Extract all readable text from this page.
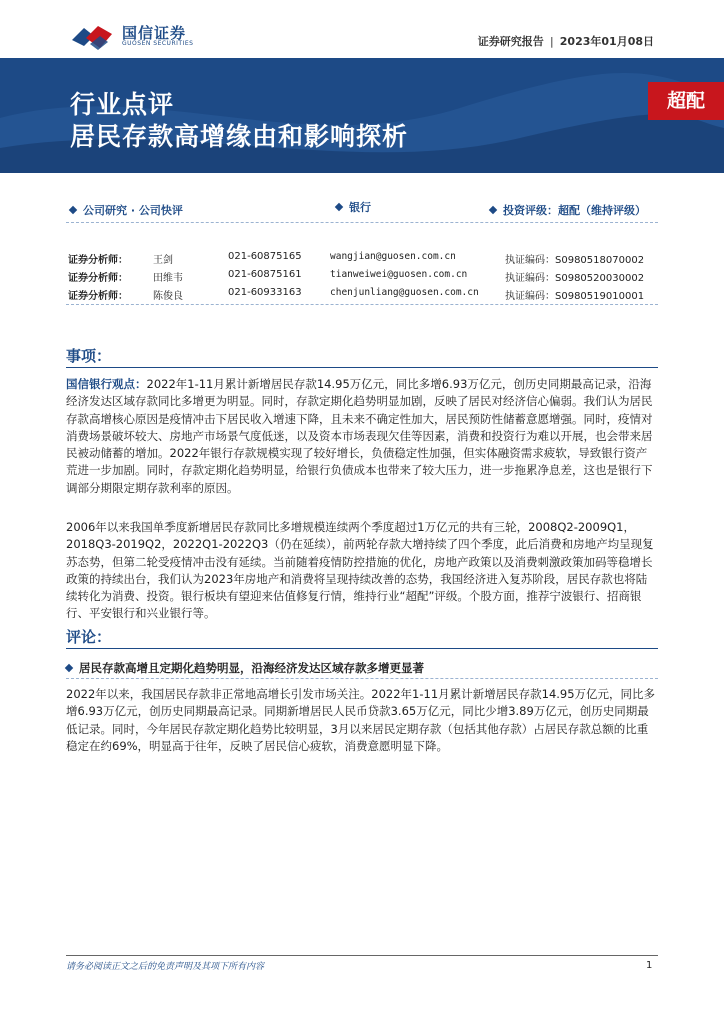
国信证券
GUOSEN SECURITIES	证券研究报告 | 2023年01月08日
行业点评
居民存款高增缘由和影响探析
超配
公司研究 · 公司快评	银行	投资评级：超配（维持评级）
证券分析师：	王剑	021-60875165	wangjian@guosen.com.cn	执证编码：S0980518070002
证券分析师：	田维韦	021-60875161	tianweiwei@guosen.com.cn	执证编码：S0980520030002
证券分析师：	陈俊良	021-60933163	chenjunliang@guosen.com.cn	执证编码：S0980519010001
事项：

国信银行观点：2022年1-11月累计新增居民存款14.95万亿元，同比多增6.93万亿元，创历史同期最高记录，沿海经济发达区域存款同比多增更为明显。同时，存款定期化趋势明显加剧，反映了居民对经济信心偏弱。我们认为居民存款高增核心原因是疫情冲击下居民收入增速下降，且未来不确定性加大，居民预防性储蓄意愿增强。同时，疫情对消费场景破坏较大、房地产市场景气度低迷，以及资本市场表现欠佳等因素，消费和投资行为难以开展，也会带来居民被动储蓄的增加。2022年银行存款规模实现了较好增长，负债稳定性加强，但实体融资需求疲软，导致银行资产荒进一步加剧。同时，存款定期化趋势明显，给银行负债成本也带来了较大压力，进一步拖累净息差，这也是银行下调部分期限定期存款利率的原因。

2006年以来我国单季度新增居民存款同比多增规模连续两个季度超过1万亿元的共有三轮，2008Q2-2009Q1，2018Q3-2019Q2，2022Q1-2022Q3（仍在延续），前两轮存款大增持续了四个季度，此后消费和房地产均呈现复苏态势，但第二轮受疫情冲击没有延续。当前随着疫情防控措施的优化，房地产政策以及消费刺激政策加码等稳增长政策的持续出台，我们认为2023年房地产和消费将呈现持续改善的态势，我国经济进入复苏阶段，居民存款也将陆续转化为消费、投资。银行板块有望迎来估值修复行情，维持行业“超配”评级。个股方面，推荐宁波银行、招商银行、平安银行和兴业银行等。

评论：
居民存款高增且定期化趋势明显，沿海经济发达区域存款多增更显著

2022年以来，我国居民存款非正常地高增长引发市场关注。2022年1-11月累计新增居民存款14.95万亿元，同比多增6.93万亿元，创历史同期最高记录。同期新增居民人民币贷款3.65万亿元，同比少增3.89万亿元，创历史同期最低记录。同时，今年居民存款定期化趋势比较明显，3月以来居民定期存款（包括其他存款）占居民存款总额的比重稳定在约69%，明显高于往年，反映了居民信心疲软，消费意愿明显下降。

请务必阅读正文之后的免责声明及其项下所有内容	1
